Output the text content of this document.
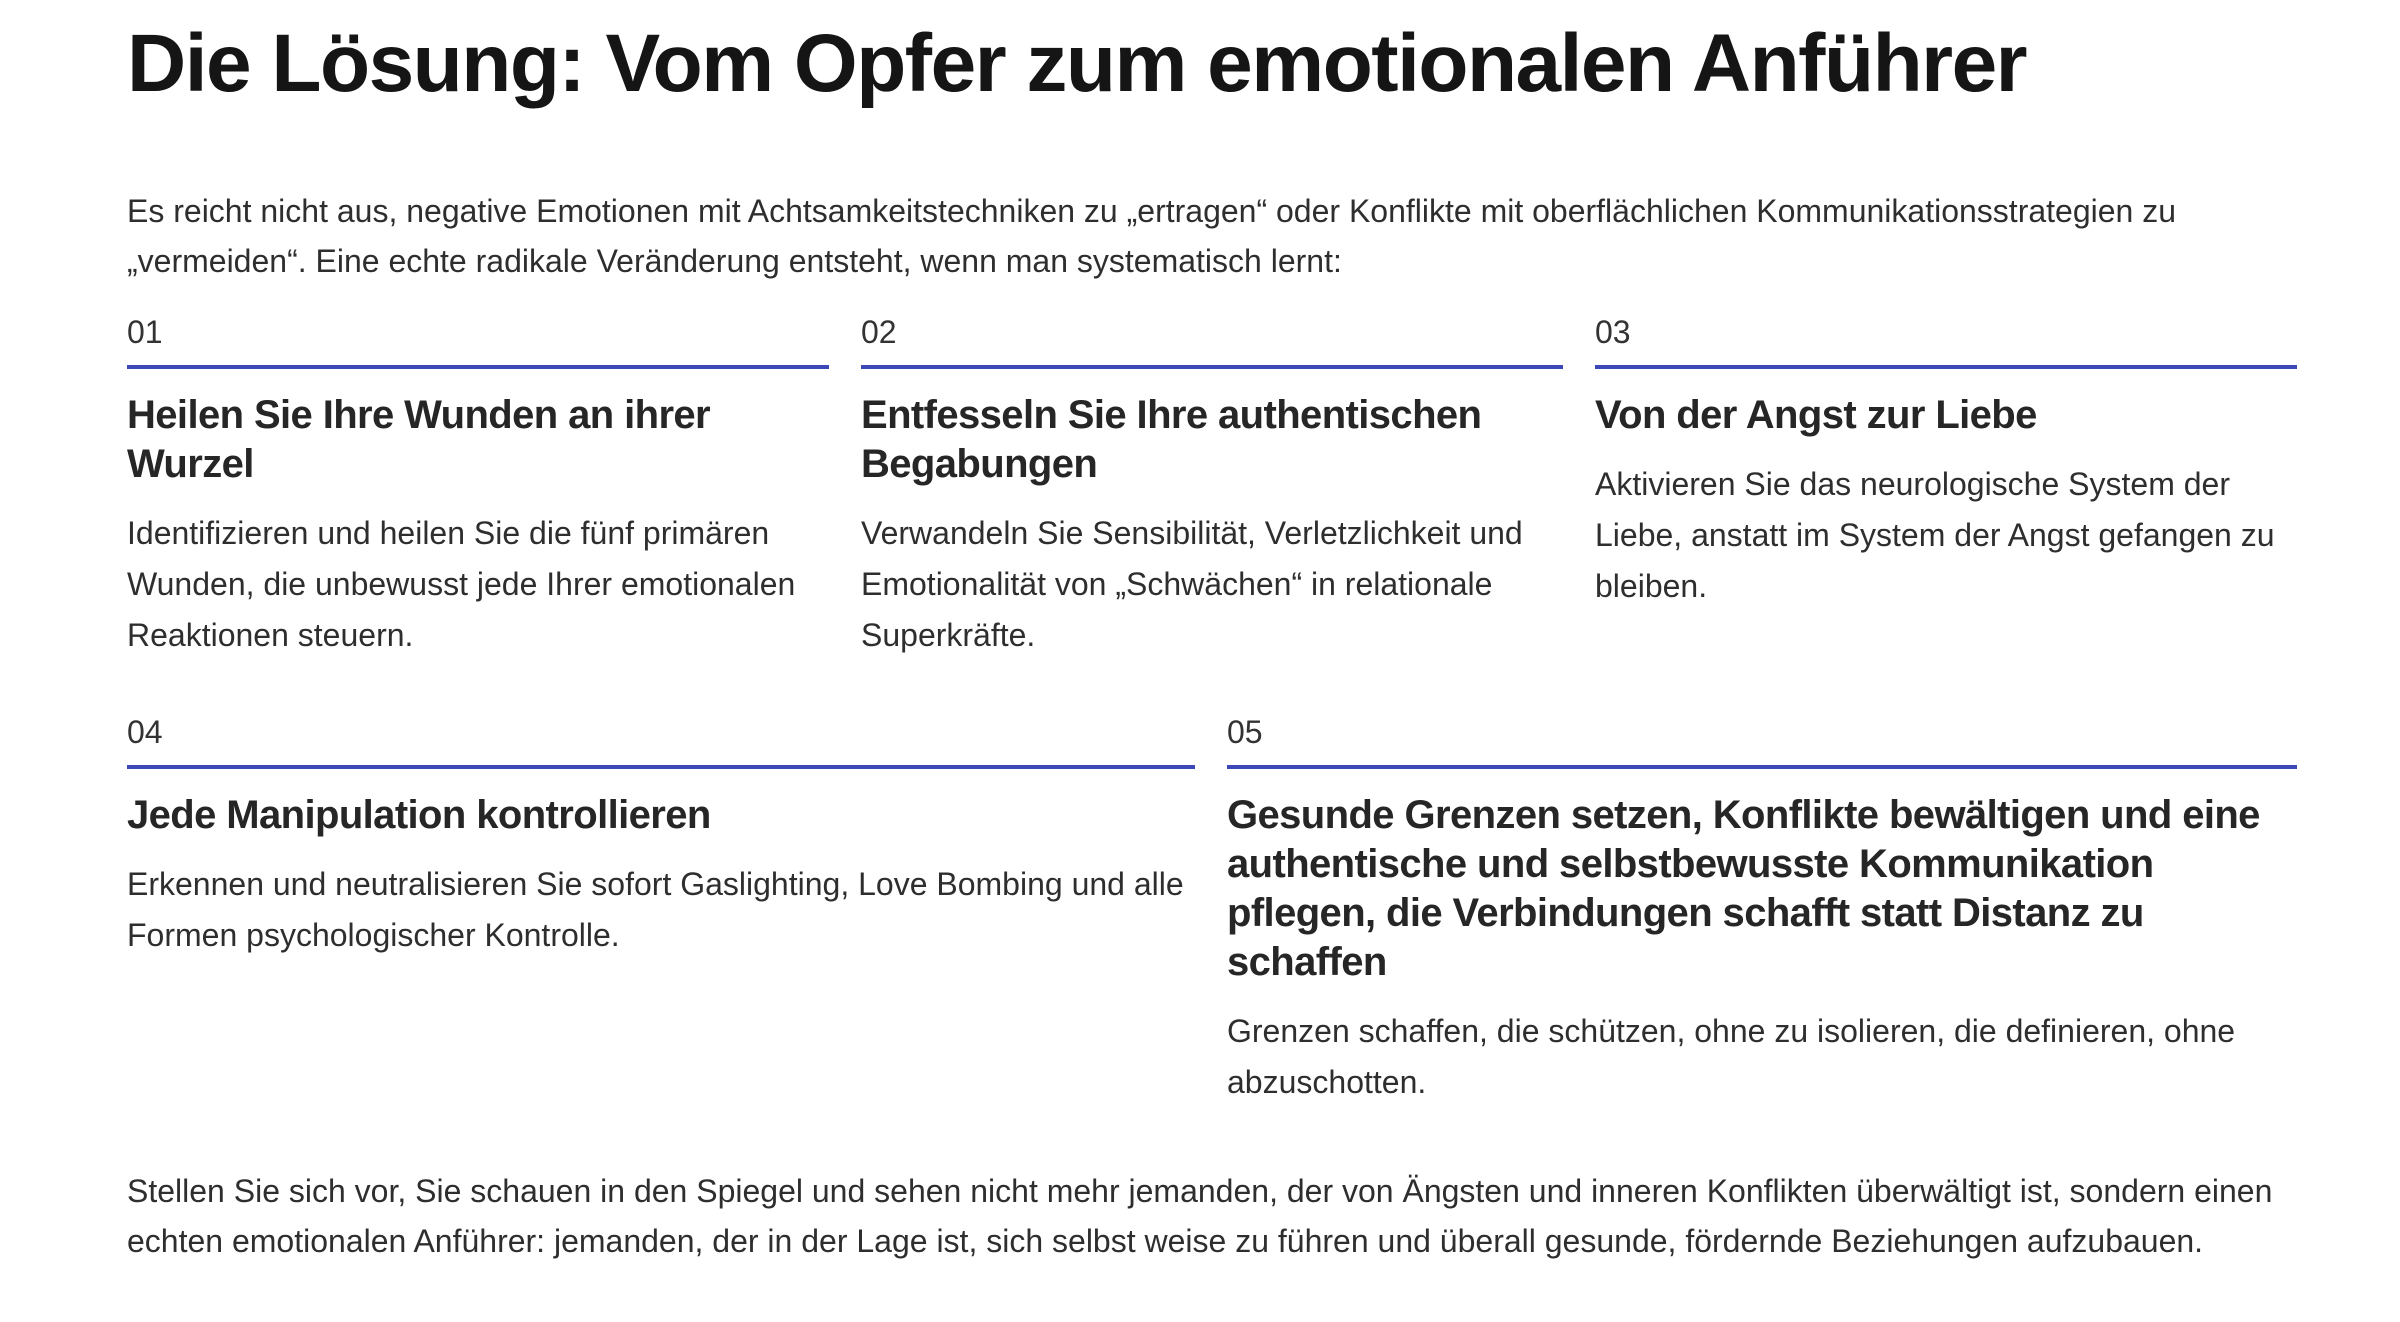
Die Lösung: Vom Opfer zum emotionalen Anführer

Es reicht nicht aus, negative Emotionen mit Achtsamkeitstechniken zu „ertragen“ oder Konflikte mit oberflächlichen Kommunikationsstrategien zu „vermeiden“. Eine echte radikale Veränderung entsteht, wenn man systematisch lernt:

01
Heilen Sie Ihre Wunden an ihrer Wurzel

Identifizieren und heilen Sie die fünf primären Wunden, die unbewusst jede Ihrer emotionalen Reaktionen steuern.

02
Entfesseln Sie Ihre authentischen Begabungen

Verwandeln Sie Sensibilität, Verletzlichkeit und Emotionalität von „Schwächen“ in relationale Superkräfte.

03
Von der Angst zur Liebe

Aktivieren Sie das neurologische System der Liebe, anstatt im System der Angst gefangen zu bleiben.

04
Jede Manipulation kontrollieren

Erkennen und neutralisieren Sie sofort Gaslighting, Love Bombing und alle Formen psychologischer Kontrolle.

05
Gesunde Grenzen setzen, Konflikte bewältigen und eine authentische und selbstbewusste Kommunikation pflegen, die Verbindungen schafft statt Distanz zu schaffen

Grenzen schaffen, die schützen, ohne zu isolieren, die definieren, ohne abzuschotten.

Stellen Sie sich vor, Sie schauen in den Spiegel und sehen nicht mehr jemanden, der von Ängsten und inneren Konflikten überwältigt ist, sondern einen echten emotionalen Anführer: jemanden, der in der Lage ist, sich selbst weise zu führen und überall gesunde, fördernde Beziehungen aufzubauen.
